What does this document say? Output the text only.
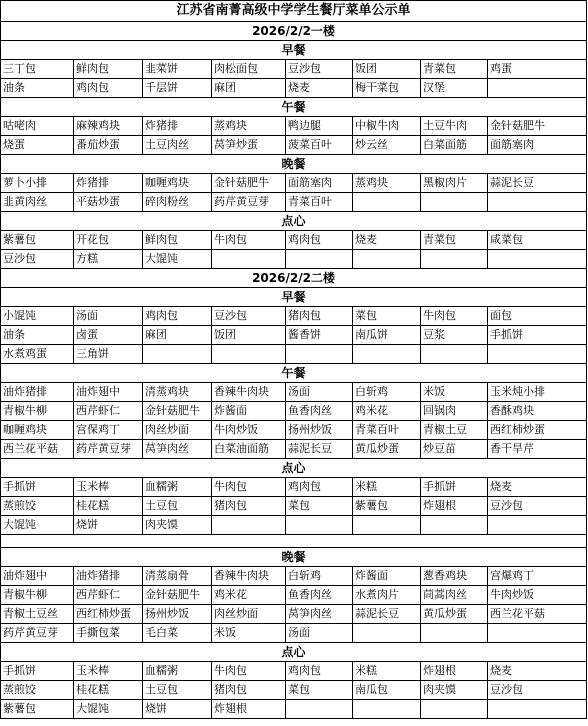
江苏省南菁高级中学学生餐厅菜单公示单							
2026/2/2一楼							
早餐							
三丁包	鲜肉包	韭菜饼	肉松面包	豆沙包	饭团	青菜包	鸡蛋
油条	鸡肉包	千层饼	麻团	烧麦	梅干菜包	汉堡	
午餐							
咕咾肉	麻辣鸡块	炸猪排	蒸鸡块	鸭边腿	中椒牛肉	土豆牛肉	金针菇肥牛
烧蛋	番茄炒蛋	土豆肉丝	莴笋炒蛋	菠菜百叶	炒云丝	白菜面筋	面筋塞肉
晚餐							
萝卜小排	炸猪排	咖喱鸡块	金针菇肥牛	面筋塞肉	蒸鸡块	黑椒肉片	蒜泥长豆
韭黄肉丝	平菇炒蛋	碎肉粉丝	药芹黄豆芽	青菜百叶			
点心							
紫薯包	开花包	鲜肉包	牛肉包	鸡肉包	烧麦	青菜包	咸菜包
豆沙包	方糕	大馄饨					
2026/2/2二楼							
早餐							
小馄饨	汤面	鸡肉包	豆沙包	猪肉包	菜包	牛肉包	面包
油条	卤蛋	麻团	饭团	酱香饼	南瓜饼	豆浆	手抓饼
水煮鸡蛋	三角饼						
午餐							
油炸猪排	油炸翅中	清蒸鸡块	香辣牛肉块	汤面	白斩鸡	米饭	玉米炖小排
青椒牛柳	西芹虾仁	金针菇肥牛	炸酱面	鱼香肉丝	鸡米花	回锅肉	香酥鸡块
咖喱鸡块	宫保鸡丁	肉丝炒面	牛肉炒饭	扬州炒饭	青菜百叶	青椒土豆	西红柿炒蛋
西兰花平菇	药芹黄豆芽	莴笋肉丝	白菜油面筋	蒜泥长豆	黄瓜炒蛋	炒豆苗	香干旱芹
点心							
手抓饼	玉米棒	血糯粥	牛肉包	鸡肉包	米糕	手抓饼	烧麦
蒸煎饺	桂花糕	土豆包	猪肉包	菜包	紫薯包	炸翅根	豆沙包
大馄饨	烧饼	肉夹馍					

晚餐							
油炸翅中	油炸猪排	清蒸扇骨	香辣牛肉块	白斩鸡	炸酱面	葱香鸡块	宫爆鸡丁
青椒牛柳	西芹虾仁	金针菇肥牛	鸡米花	鱼香肉丝	水煮肉片	茼蒿肉丝	牛肉炒饭
青椒土豆丝	西红柿炒蛋	扬州炒饭	肉丝炒面	莴笋肉丝	蒜泥长豆	黄瓜炒蛋	西兰花平菇
药芹黄豆芽	手撕包菜	毛白菜	米饭	汤面			
点心							
手抓饼	玉米棒	血糯粥	牛肉包	鸡肉包	米糕	炸翅根	烧麦
蒸煎饺	桂花糕	土豆包	猪肉包	菜包	南瓜包	肉夹馍	豆沙包
紫薯包	大馄饨	烧饼	炸翅根				
